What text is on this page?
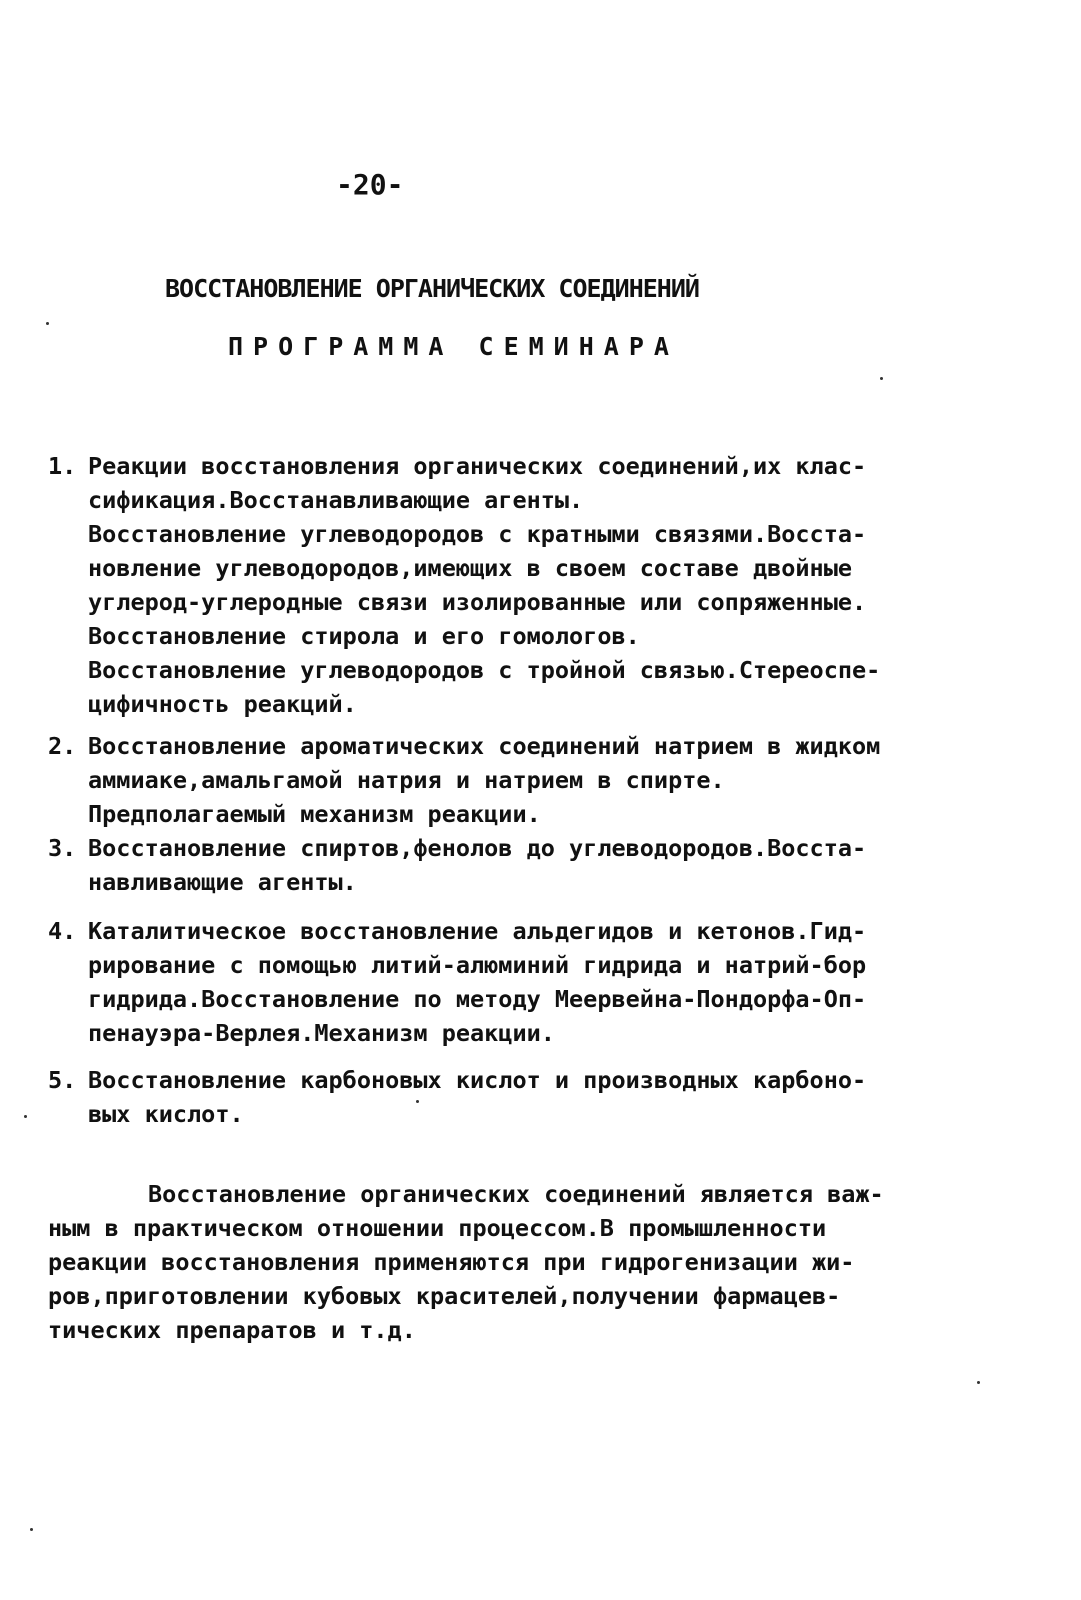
-20-
ВОССТАНОВЛЕНИЕ ОРГАНИЧЕСКИХ СОЕДИНЕНИЙ
ПРОГРАММА СЕМИНАРА
1. Реакции восстановления органических соединений,их клас-
сификация.Восстанавливающие агенты.
Восстановление углеводородов с кратными связями.Восста-
новление углеводородов,имеющих в своем составе двойные
углерод-углеродные связи изолированные или сопряженные.
Восстановление стирола и его гомологов.
Восстановление углеводородов с тройной связью.Стереоспе-
цифичность реакций.
2. Восстановление ароматических соединений натрием в жидком
аммиаке,амальгамой натрия и натрием в спирте.
Предполагаемый механизм реакции.
3. Восстановление спиртов,фенолов до углеводородов.Восста-
навливающие агенты.
4. Каталитическое восстановление альдегидов и кетонов.Гид-
рирование с помощью литий-алюминий гидрида и натрий-бор
гидрида.Восстановление по методу Меервейна-Пондорфа-Оп-
пенауэра-Верлея.Механизм реакции.
5. Восстановление карбоновых кислот и производных карбоно-
вых кислот.
Восстановление органических соединений является важ-
ным в практическом отношении процессом.В промышленности
реакции восстановления применяются при гидрогенизации жи-
ров,приготовлении кубовых красителей,получении фармацев-
тических препаратов и т.д.
